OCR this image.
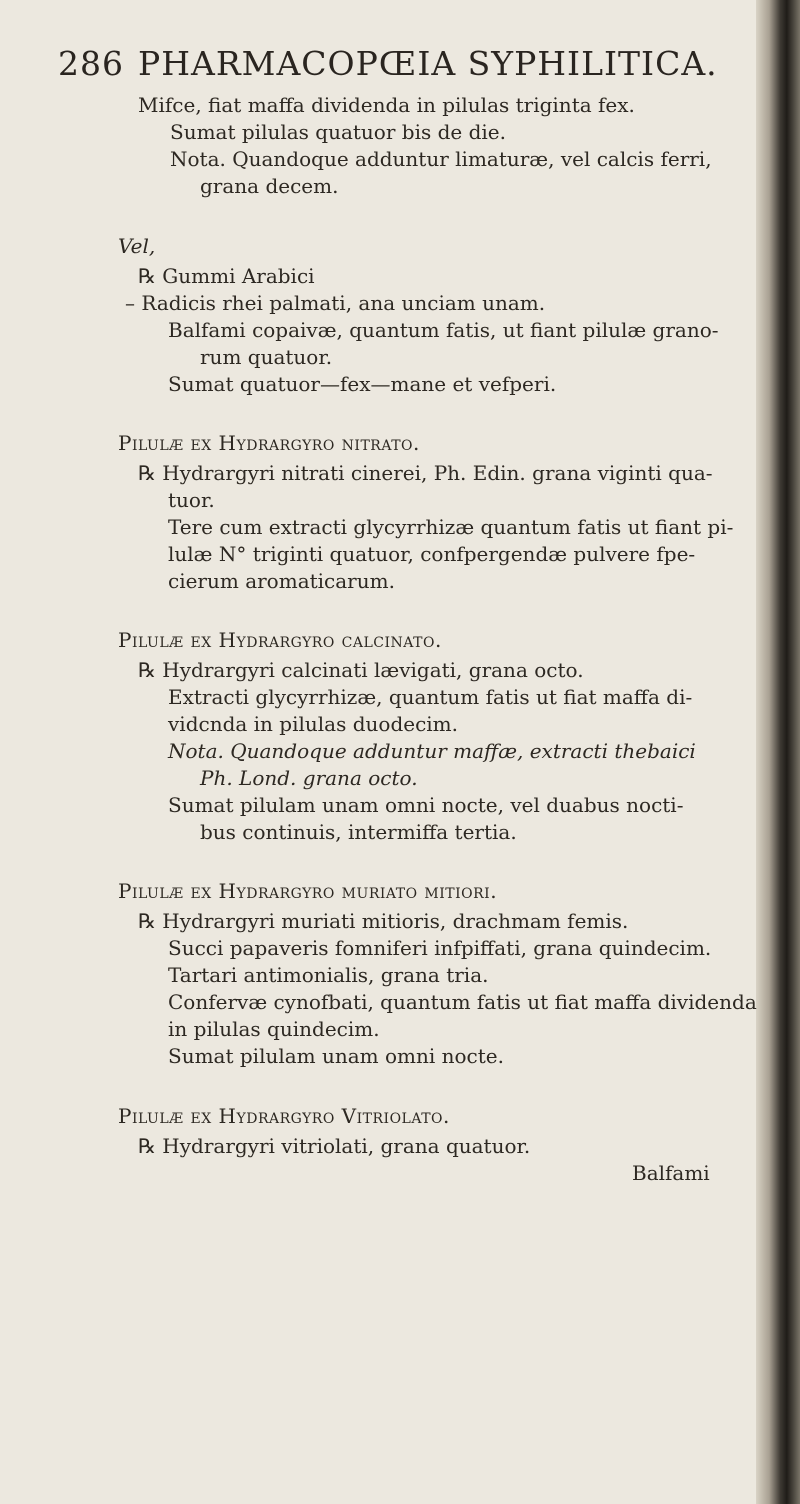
286 PHARMACOPŒIA SYPHILITICA.
Mifce, fiat maffa dividenda in pilulas triginta fex.
Sumat pilulas quatuor bis de die.
Nota. Quandoque adduntur limaturæ, vel calcis ferri,
grana decem.
Vel,
℞ Gummi Arabici
– Radicis rhei palmati, ana unciam unam.
Balfami copaivæ, quantum fatis, ut fiant pilulæ grano-
rum quatuor.
Sumat quatuor—fex—mane et vefperi.
Pilulæ ex Hydrargyro nitrato.
℞ Hydrargyri nitrati cinerei, Ph. Edin. grana viginti qua-
tuor.
Tere cum extracti glycyrrhizæ quantum fatis ut fiant pi-
lulæ N° triginti quatuor, confpergendæ pulvere fpe-
cierum aromaticarum.
Pilulæ ex Hydrargyro calcinato.
℞ Hydrargyri calcinati lævigati, grana octo.
Extracti glycyrrhizæ, quantum fatis ut fiat maffa di-
vidcnda in pilulas duodecim.
Nota. Quandoque adduntur maffæ, extracti thebaici
Ph. Lond. grana octo.
Sumat pilulam unam omni nocte, vel duabus nocti-
bus continuis, intermiffa tertia.
Pilulæ ex Hydrargyro muriato mitiori.
℞ Hydrargyri muriati mitioris, drachmam femis.
Succi papaveris fomniferi infpiffati, grana quindecim.
Tartari antimonialis, grana tria.
Confervæ cynofbati, quantum fatis ut fiat maffa dividenda
in pilulas quindecim.
Sumat pilulam unam omni nocte.
Pilulæ ex Hydrargyro Vitriolato.
℞ Hydrargyri vitriolati, grana quatuor.
Balfami
